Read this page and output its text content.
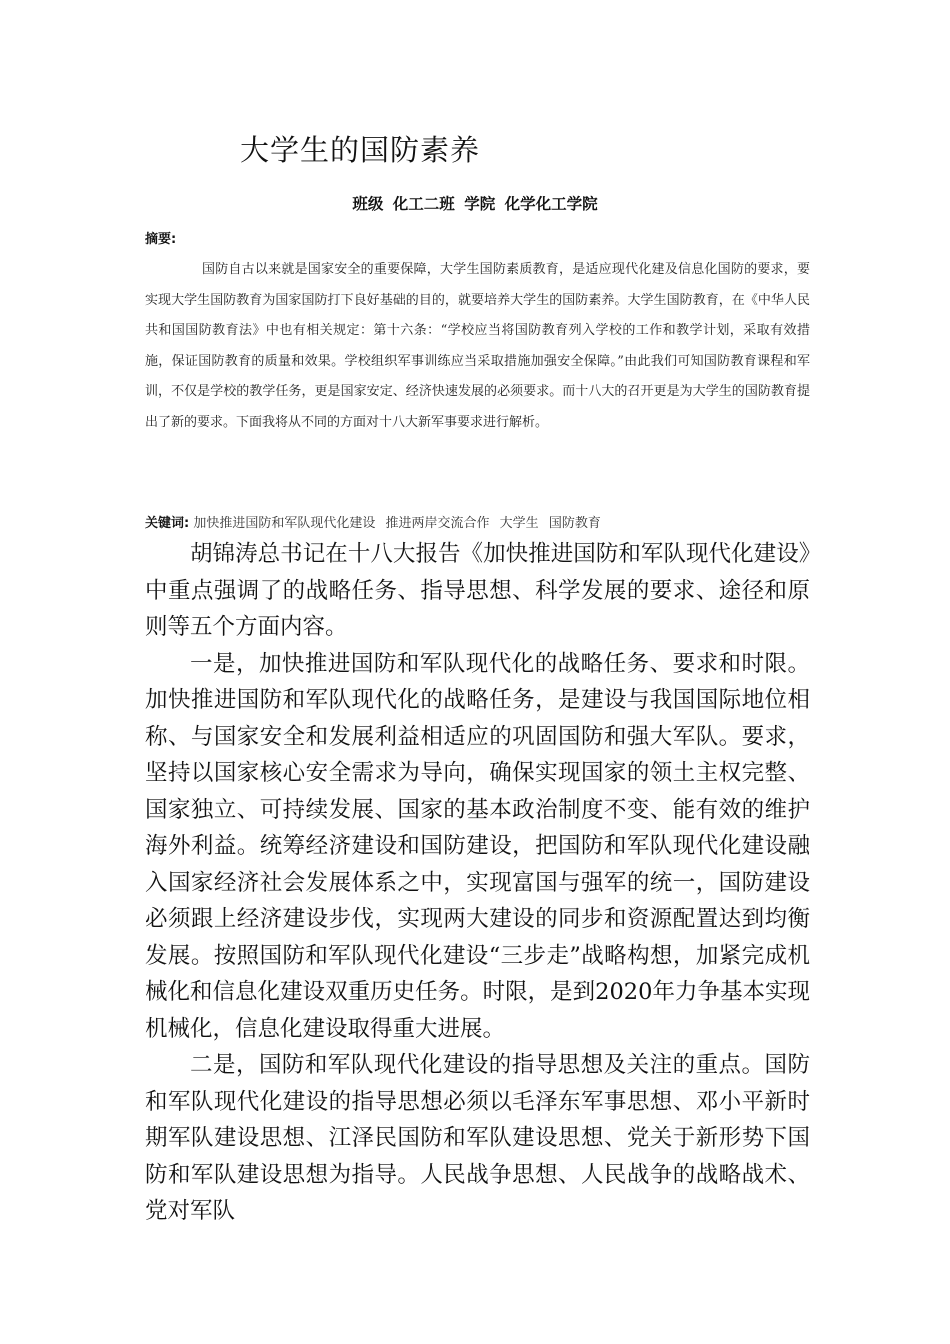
大学生的国防素养
班级 化工二班 学院 化学化工学院
摘要:

国防自古以来就是国家安全的重要保障，大学生国防素质教育，是适应现代化建及信息化国防的要求，要实现大学生国防教育为国家国防打下良好基础的目的，就要培养大学生的国防素养。大学生国防教育，在《中华人民共和国国防教育法》中也有相关规定：第十六条：“学校应当将国防教育列入学校的工作和教学计划，采取有效措施，保证国防教育的质量和效果。学校组织军事训练应当采取措施加强安全保障。”由此我们可知国防教育课程和军训，不仅是学校的教学任务，更是国家安定、经济快速发展的必须要求。而十八大的召开更是为大学生的国防教育提出了新的要求。下面我将从不同的方面对十八大新军事要求进行解析。

关键词: 加快推进国防和军队现代化建设 推进两岸交流合作 大学生 国防教育

胡锦涛总书记在十八大报告《加快推进国防和军队现代化建设》中重点强调了的战略任务、指导思想、科学发展的要求、途径和原则等五个方面内容。

一是，加快推进国防和军队现代化的战略任务、要求和时限。加快推进国防和军队现代化的战略任务，是建设与我国国际地位相称、与国家安全和发展利益相适应的巩固国防和强大军队。要求，坚持以国家核心安全需求为导向，确保实现国家的领土主权完整、国家独立、可持续发展、国家的基本政治制度不变、能有效的维护海外利益。统筹经济建设和国防建设，把国防和军队现代化建设融入国家经济社会发展体系之中，实现富国与强军的统一，国防建设必须跟上经济建设步伐，实现两大建设的同步和资源配置达到均衡发展。按照国防和军队现代化建设“三步走”战略构想，加紧完成机械化和信息化建设双重历史任务。时限，是到2020年力争基本实现机械化，信息化建设取得重大进展。

二是，国防和军队现代化建设的指导思想及关注的重点。国防和军队现代化建设的指导思想必须以毛泽东军事思想、邓小平新时期军队建设思想、江泽民国防和军队建设思想、党关于新形势下国防和军队建设思想为指导。人民战争思想、人民战争的战略战术、党对军队
